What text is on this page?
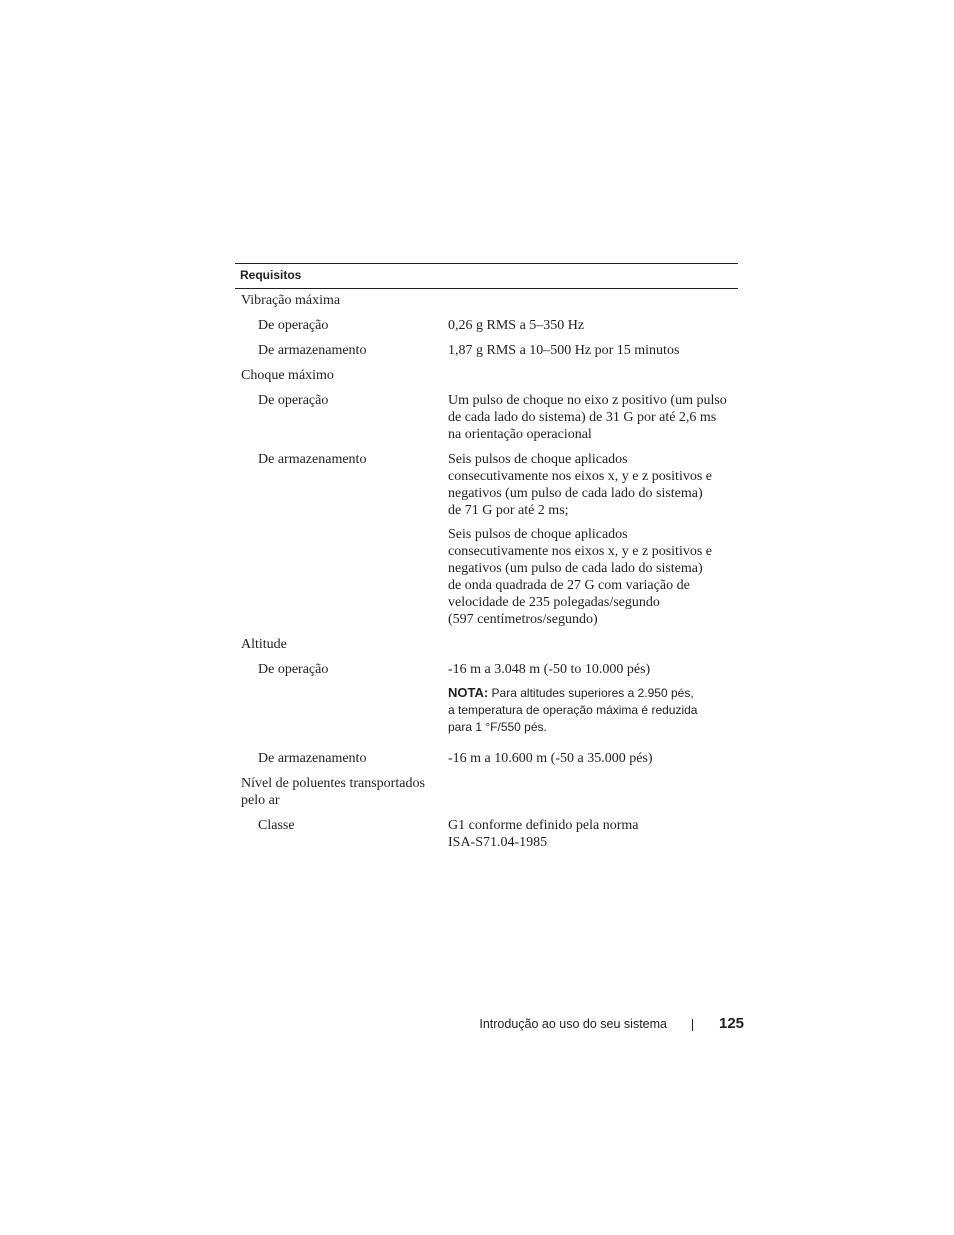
Requisitos
Vibração máxima
De operação	0,26 g RMS a 5–350 Hz
De armazenamento	1,87 g RMS a 10–500 Hz por 15 minutos
Choque máximo
De operação	Um pulso de choque no eixo z positivo (um pulso
de cada lado do sistema) de 31 G por até 2,6 ms
na orientação operacional
De armazenamento	Seis pulsos de choque aplicados
consecutivamente nos eixos x, y e z positivos e
negativos (um pulso de cada lado do sistema)
de 71 G por até 2 ms;
Seis pulsos de choque aplicados
consecutivamente nos eixos x, y e z positivos e
negativos (um pulso de cada lado do sistema)
de onda quadrada de 27 G com variação de
velocidade de 235 polegadas/segundo
(597 centímetros/segundo)
Altitude
De operação	-16 m a 3.048 m (-50 to 10.000 pés)
NOTA: Para altitudes superiores a 2.950 pés,
a temperatura de operação máxima é reduzida
para 1 °F/550 pés.
De armazenamento	-16 m a 10.600 m (-50 a 35.000 pés)
Nível de poluentes transportados
pelo ar
Classe	G1 conforme definido pela norma
ISA-S71.04-1985
Introdução ao uso do seu sistema	125
